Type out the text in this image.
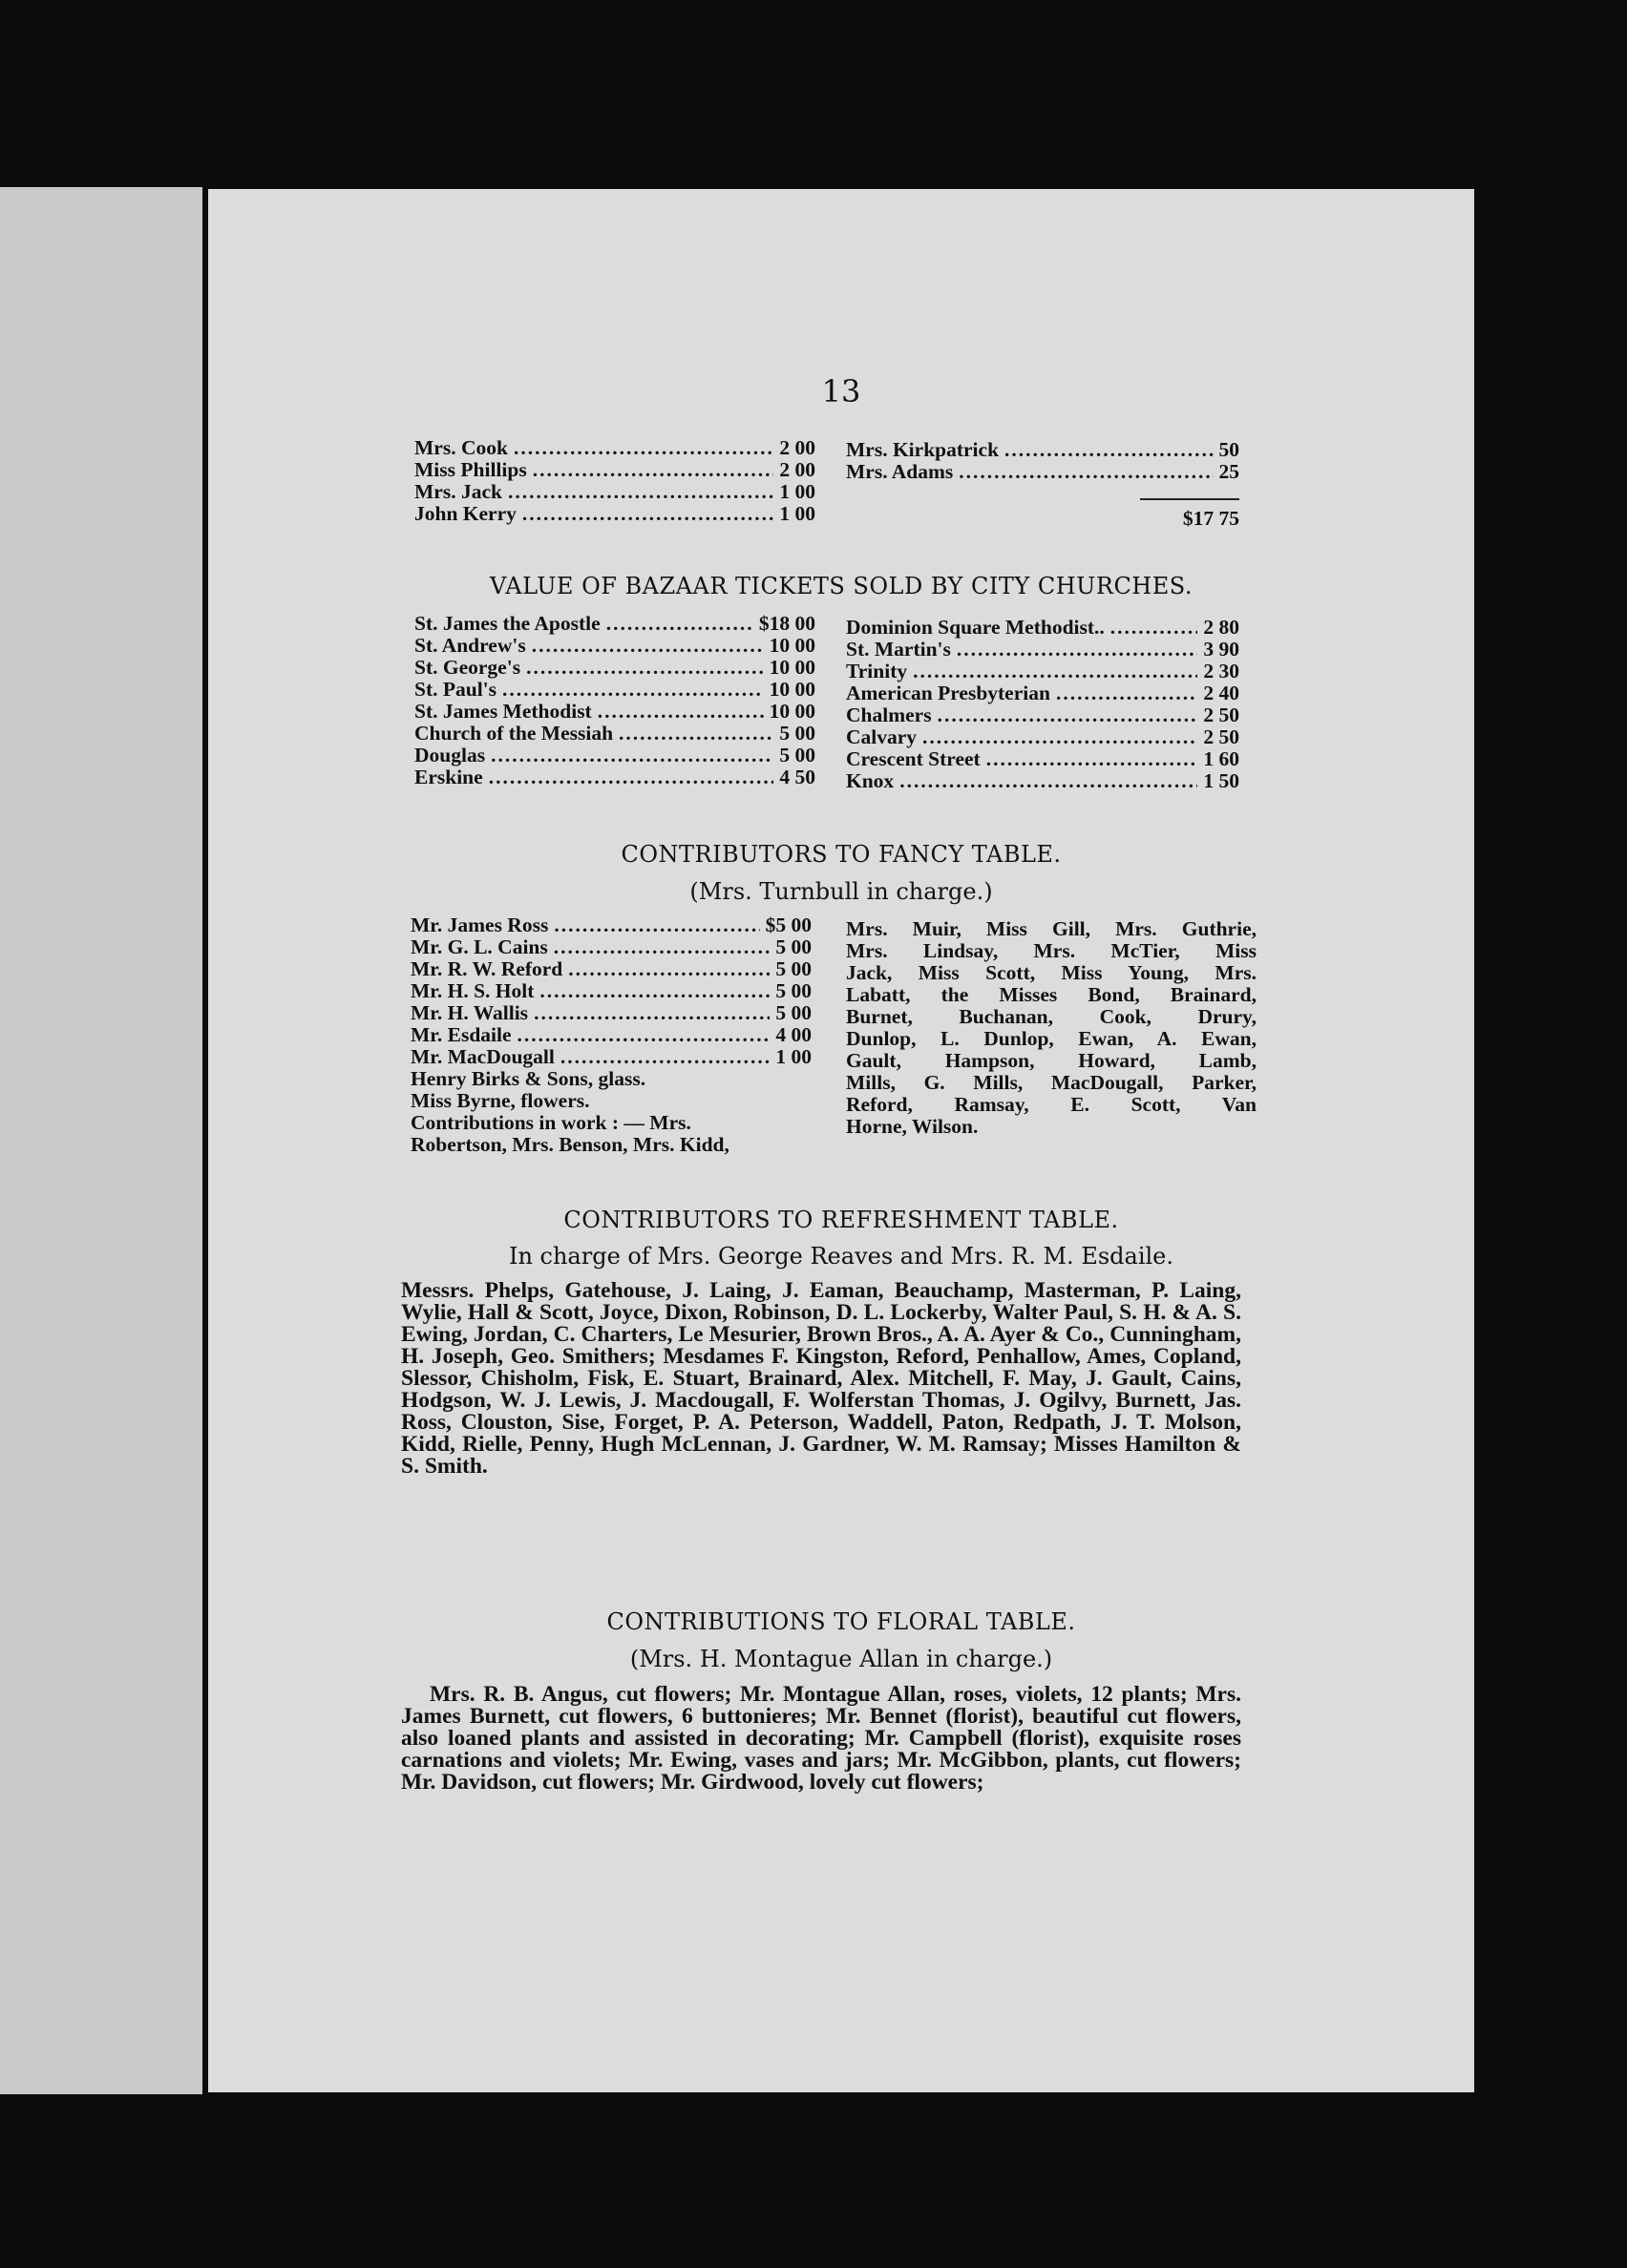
13
Mrs. Cook .....	2 00
Miss Phillips .....	2 00
Mrs. Jack .....	1 00
John Kerry .....	1 00
Mrs. Kirkpatrick .....	50
Mrs. Adams .....	25
$17 75
VALUE OF BAZAAR TICKETS SOLD BY CITY CHURCHES.
St. James the Apostle .....	$18 00
St. Andrew's .....	10 00
St. George's .....	10 00
St. Paul's .....	10 00
St. James Methodist .....	10 00
Church of the Messiah .....	5 00
Douglas .....	5 00
Erskine .....	4 50
Dominion Square Methodist.. .....	2 80
St. Martin's .....	3 90
Trinity .....	2 30
American Presbyterian .....	2 40
Chalmers .....	2 50
Calvary .....	2 50
Crescent Street .....	1 60
Knox .....	1 50
CONTRIBUTORS TO FANCY TABLE.
(Mrs. Turnbull in charge.)
Mr. James Ross .....	$5 00
Mr. G. L. Cains .....	5 00
Mr. R. W. Reford .....	5 00
Mr. H. S. Holt .....	5 00
Mr. H. Wallis .....	5 00
Mr. Esdaile .....	4 00
Mr. MacDougall .....	1 00
Henry Birks & Sons, glass.
Miss Byrne, flowers.
Contributions in work : — Mrs.
Robertson, Mrs. Benson, Mrs. Kidd,
Mrs. Muir, Miss Gill, Mrs. Guthrie,
Mrs. Lindsay, Mrs. McTier, Miss
Jack, Miss Scott, Miss Young, Mrs.
Labatt, the Misses Bond, Brainard,
Burnet, Buchanan, Cook, Drury,
Dunlop, L. Dunlop, Ewan, A. Ewan,
Gault, Hampson, Howard, Lamb,
Mills, G. Mills, MacDougall, Parker,
Reford, Ramsay, E. Scott, Van
Horne, Wilson.
CONTRIBUTORS TO REFRESHMENT TABLE.
In charge of Mrs. George Reaves and Mrs. R. M. Esdaile.

Messrs. Phelps, Gatehouse, J. Laing, J. Eaman, Beauchamp, Masterman, P. Laing, Wylie, Hall & Scott, Joyce, Dixon, Robinson, D. L. Lockerby, Walter Paul, S. H. & A. S. Ewing, Jordan, C. Charters, Le Mesurier, Brown Bros., A. A. Ayer & Co., Cunningham, H. Joseph, Geo. Smithers; Mesdames F. Kingston, Reford, Penhallow, Ames, Copland, Slessor, Chisholm, Fisk, E. Stuart, Brainard, Alex. Mitchell, F. May, J. Gault, Cains, Hodgson, W. J. Lewis, J. Macdougall, F. Wolferstan Thomas, J. Ogilvy, Burnett, Jas. Ross, Clouston, Sise, Forget, P. A. Peterson, Waddell, Paton, Redpath, J. T. Molson, Kidd, Rielle, Penny, Hugh McLennan, J. Gardner, W. M. Ramsay; Misses Hamilton & S. Smith.

CONTRIBUTIONS TO FLORAL TABLE.
(Mrs. H. Montague Allan in charge.)

Mrs. R. B. Angus, cut flowers; Mr. Montague Allan, roses, violets, 12 plants; Mrs. James Burnett, cut flowers, 6 buttonieres; Mr. Bennet (florist), beautiful cut flowers, also loaned plants and assisted in decorating; Mr. Campbell (florist), exquisite roses carnations and violets; Mr. Ewing, vases and jars; Mr. McGibbon, plants, cut flowers; Mr. Davidson, cut flowers; Mr. Girdwood, lovely cut flowers;
